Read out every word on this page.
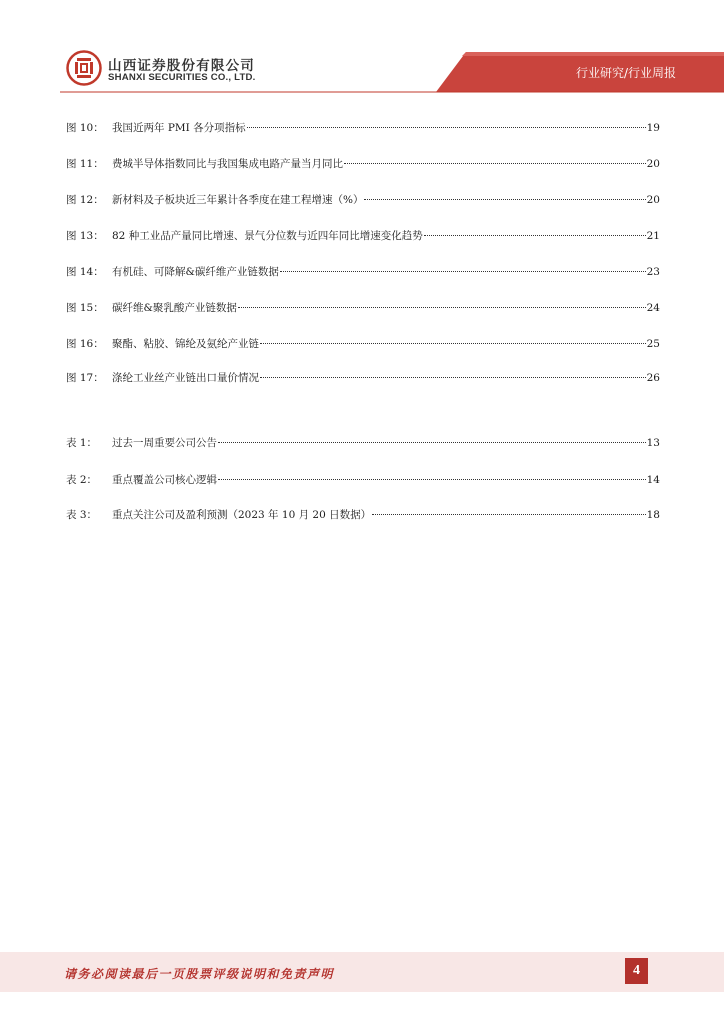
山西证券股份有限公司
SHANXI SECURITIES CO., LTD.	行业研究/行业周报
图 10： 我国近两年 PMI 各分项指标	19
图 11： 费城半导体指数同比与我国集成电路产量当月同比	20
图 12： 新材料及子板块近三年累计各季度在建工程增速（%）	20
图 13： 82 种工业品产量同比增速、景气分位数与近四年同比增速变化趋势	21
图 14： 有机硅、可降解&碳纤维产业链数据	23
图 15： 碳纤维&聚乳酸产业链数据	24
图 16： 聚酯、粘胶、锦纶及氨纶产业链	25
图 17： 涤纶工业丝产业链出口量价情况	26
表 1：	过去一周重要公司公告	13
表 2：	重点覆盖公司核心逻辑	14
表 3：	重点关注公司及盈利预测（2023 年 10 月 20 日数据）	18
请务必阅读最后一页股票评级说明和免责声明	4
